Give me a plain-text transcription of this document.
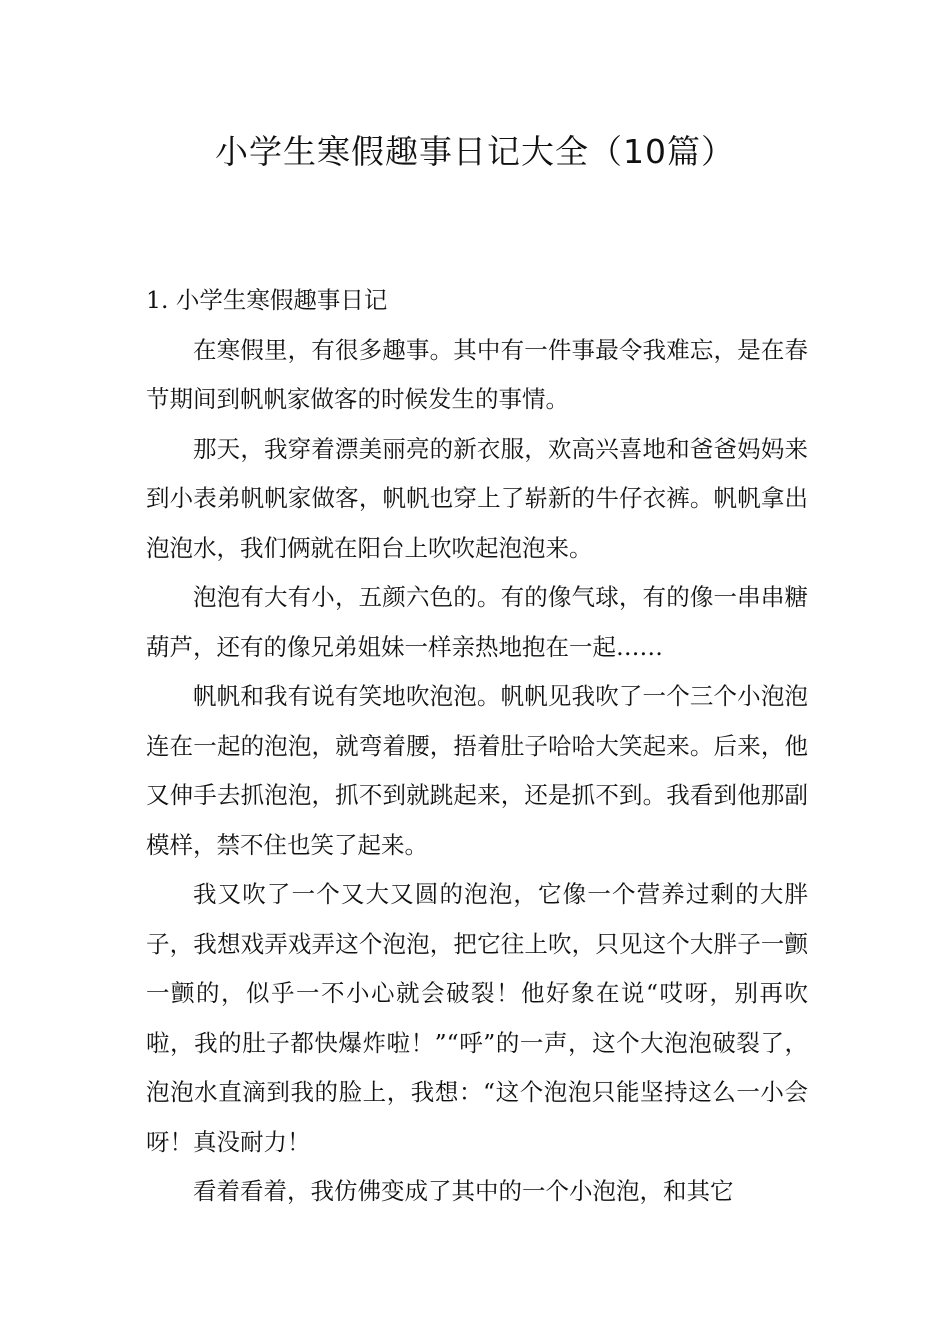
小学生寒假趣事日记大全（10篇）
1. 小学生寒假趣事日记

在寒假里，有很多趣事。其中有一件事最令我难忘，是在春节期间到帆帆家做客的时候发生的事情。

那天，我穿着漂美丽亮的新衣服，欢高兴喜地和爸爸妈妈来到小表弟帆帆家做客，帆帆也穿上了崭新的牛仔衣裤。帆帆拿出泡泡水，我们俩就在阳台上吹吹起泡泡来。

泡泡有大有小，五颜六色的。有的像气球，有的像一串串糖葫芦，还有的像兄弟姐妹一样亲热地抱在一起……

帆帆和我有说有笑地吹泡泡。帆帆见我吹了一个三个小泡泡连在一起的泡泡，就弯着腰，捂着肚子哈哈大笑起来。后来，他又伸手去抓泡泡，抓不到就跳起来，还是抓不到。我看到他那副模样，禁不住也笑了起来。

我又吹了一个又大又圆的泡泡，它像一个营养过剩的大胖子，我想戏弄戏弄这个泡泡，把它往上吹，只见这个大胖子一颤一颤的，似乎一不小心就会破裂！他好象在说“哎呀，别再吹啦，我的肚子都快爆炸啦！”“呼”的一声，这个大泡泡破裂了，泡泡水直滴到我的脸上，我想：“这个泡泡只能坚持这么一小会呀！真没耐力！

看着看着，我仿佛变成了其中的一个小泡泡，和其它
